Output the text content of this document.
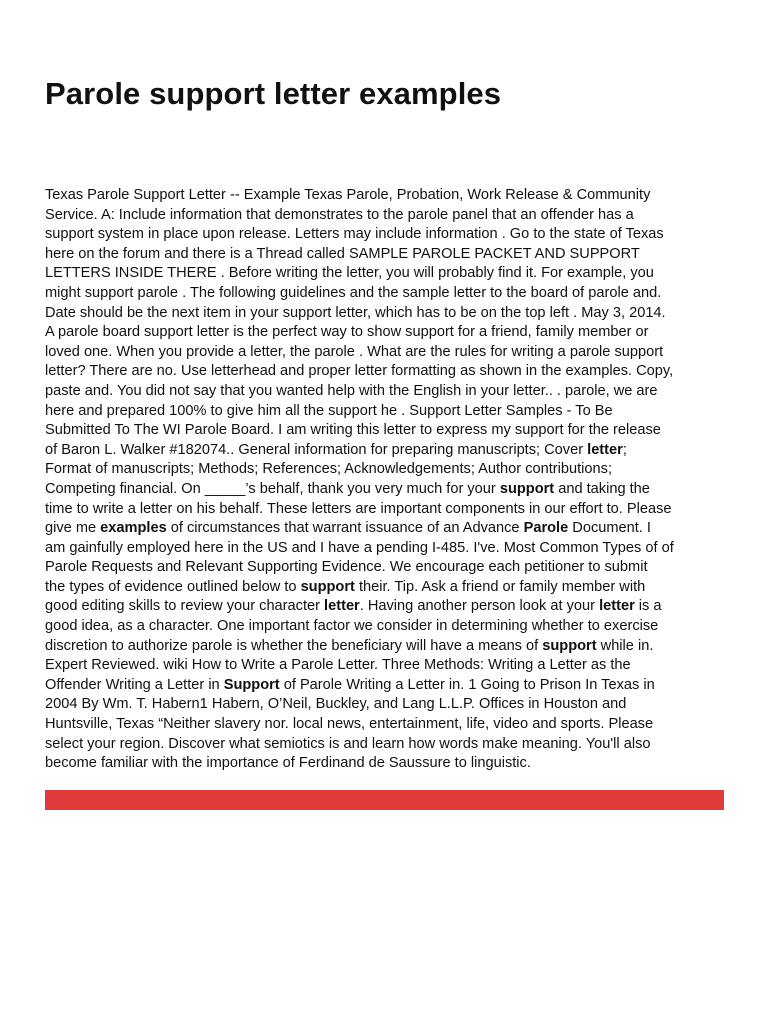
Parole support letter examples

Texas Parole Support Letter -- Example Texas Parole, Probation, Work Release & Community
Service. A: Include information that demonstrates to the parole panel that an offender has a
support system in place upon release. Letters may include information . Go to the state of Texas
here on the forum and there is a Thread called SAMPLE PAROLE PACKET AND SUPPORT
LETTERS INSIDE THERE . Before writing the letter, you will probably find it. For example, you
might support parole . The following guidelines and the sample letter to the board of parole and.
Date should be the next item in your support letter, which has to be on the top left . May 3, 2014.
A parole board support letter is the perfect way to show support for a friend, family member or
loved one. When you provide a letter, the parole . What are the rules for writing a parole support
letter? There are no. Use letterhead and proper letter formatting as shown in the examples. Copy,
paste and. You did not say that you wanted help with the English in your letter.. . parole, we are
here and prepared 100% to give him all the support he . Support Letter Samples - To Be
Submitted To The WI Parole Board. I am writing this letter to express my support for the release
of Baron L. Walker #182074.. General information for preparing manuscripts; Cover letter;
Format of manuscripts; Methods; References; Acknowledgements; Author contributions;
Competing financial. On _____’s behalf, thank you very much for your support and taking the
time to write a letter on his behalf. These letters are important components in our effort to. Please
give me examples of circumstances that warrant issuance of an Advance Parole Document. I
am gainfully employed here in the US and I have a pending I-485. I've. Most Common Types of of
Parole Requests and Relevant Supporting Evidence. We encourage each petitioner to submit
the types of evidence outlined below to support their. Tip. Ask a friend or family member with
good editing skills to review your character letter. Having another person look at your letter is a
good idea, as a character. One important factor we consider in determining whether to exercise
discretion to authorize parole is whether the beneficiary will have a means of support while in.
Expert Reviewed. wiki How to Write a Parole Letter. Three Methods: Writing a Letter as the
Offender Writing a Letter in Support of Parole Writing a Letter in. 1 Going to Prison In Texas in
2004 By Wm. T. Habern1 Habern, O’Neil, Buckley, and Lang L.L.P. Offices in Houston and
Huntsville, Texas “Neither slavery nor. local news, entertainment, life, video and sports. Please
select your region. Discover what semiotics is and learn how words make meaning. You'll also
become familiar with the importance of Ferdinand de Saussure to linguistic.
